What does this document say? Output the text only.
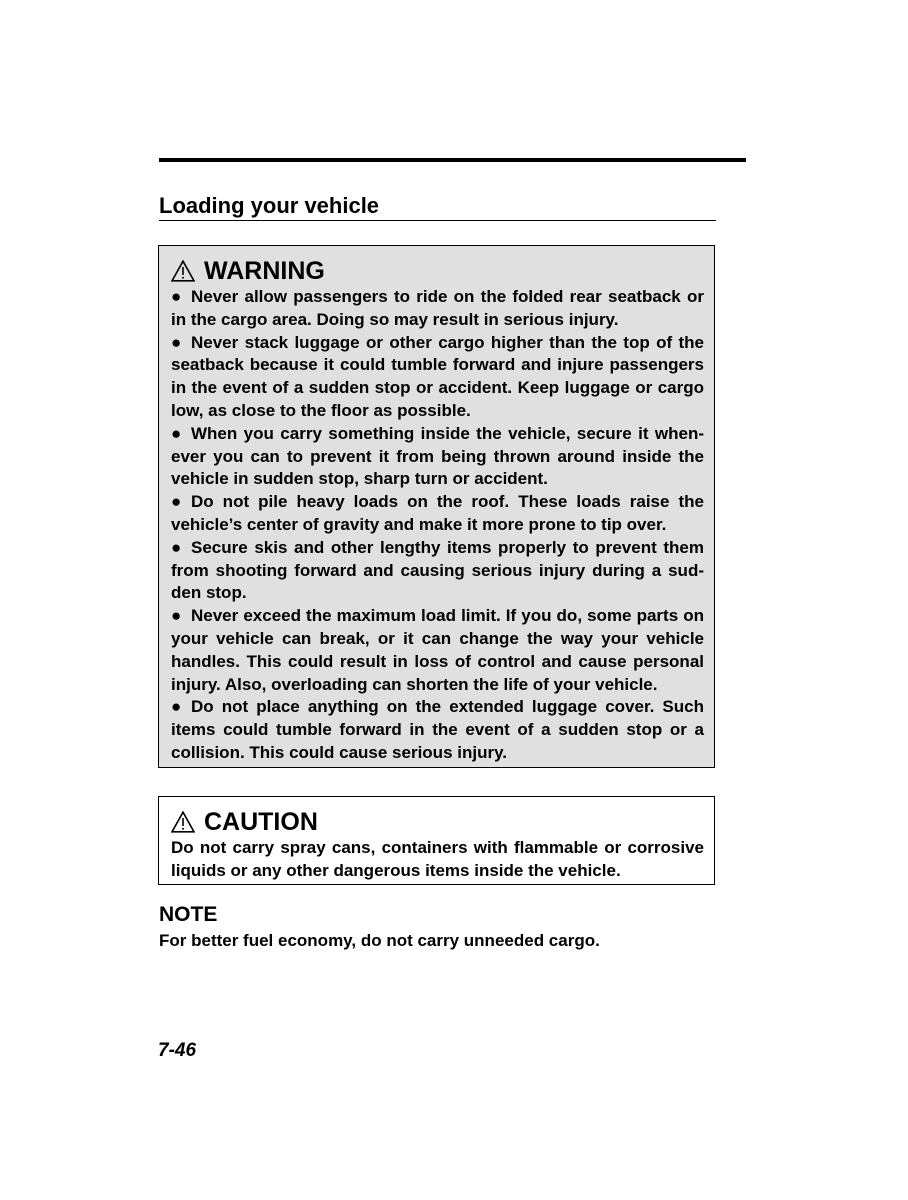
Loading your vehicle
WARNING

● Never allow passengers to ride on the folded rear seatback or in the cargo area. Doing so may result in serious injury.

● Never stack luggage or other cargo higher than the top of the seatback because it could tumble forward and injure passengers in the event of a sudden stop or accident. Keep luggage or cargo low, as close to the floor as possible.

● When you carry something inside the vehicle, secure it when-ever you can to prevent it from being thrown around inside the vehicle in sudden stop, sharp turn or accident.

● Do not pile heavy loads on the roof. These loads raise the vehicle’s center of gravity and make it more prone to tip over.

● Secure skis and other lengthy items properly to prevent them from shooting forward and causing serious injury during a sud-den stop.

● Never exceed the maximum load limit. If you do, some parts on your vehicle can break, or it can change the way your vehicle handles. This could result in loss of control and cause personal injury. Also, overloading can shorten the life of your vehicle.

● Do not place anything on the extended luggage cover. Such items could tumble forward in the event of a sudden stop or a collision. This could cause serious injury.

CAUTION

Do not carry spray cans, containers with flammable or corrosive liquids or any other dangerous items inside the vehicle.

NOTE

For better fuel economy, do not carry unneeded cargo.

7-46
